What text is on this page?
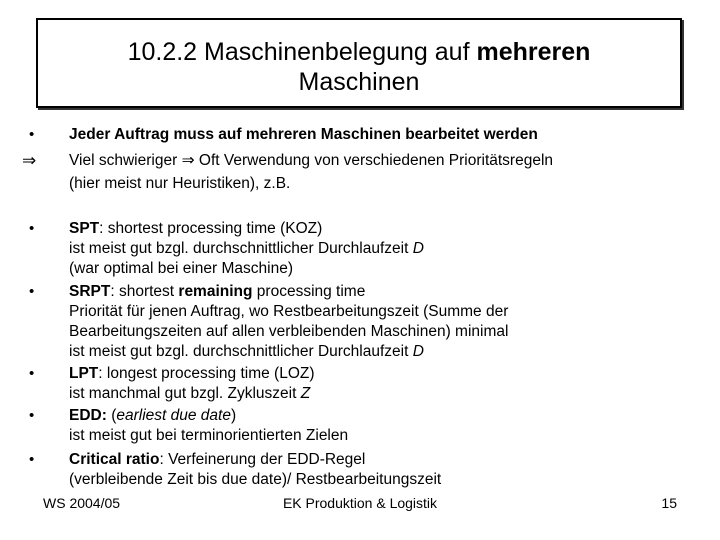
10.2.2 Maschinenbelegung auf mehreren
Maschinen
• Jeder Auftrag muss auf mehreren Maschinen bearbeitet werden
⇒ Viel schwieriger ⇒ Oft Verwendung von verschiedenen Prioritätsregeln
(hier meist nur Heuristiken), z.B.
• SPT: shortest processing time (KOZ)
ist meist gut bzgl. durchschnittlicher Durchlaufzeit D
(war optimal bei einer Maschine)
• SRPT: shortest remaining processing time
Priorität für jenen Auftrag, wo Restbearbeitungszeit (Summe der
Bearbeitungszeiten auf allen verbleibenden Maschinen) minimal
ist meist gut bzgl. durchschnittlicher Durchlaufzeit D
• LPT: longest processing time (LOZ)
ist manchmal gut bzgl. Zykluszeit Z
• EDD: (earliest due date)
ist meist gut bei terminorientierten Zielen
• Critical ratio: Verfeinerung der EDD-Regel
(verbleibende Zeit bis due date)/ Restbearbeitungszeit
WS 2004/05	EK Produktion & Logistik	15
